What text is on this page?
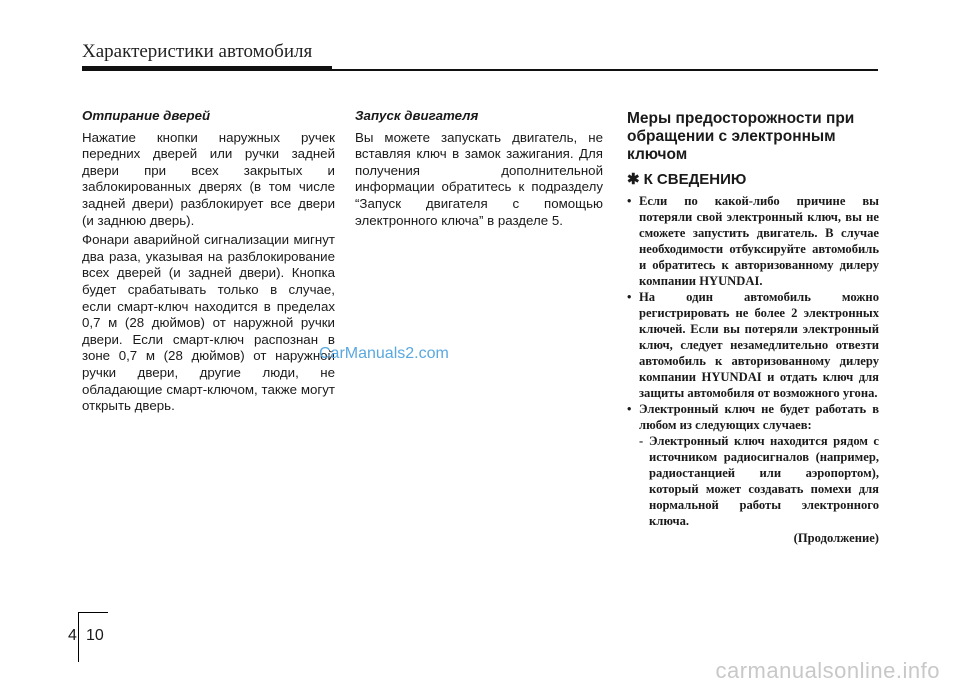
Характеристики автомобиля
Отпирание дверей

Нажатие кнопки наружных ручек передних дверей или ручки задней двери при всех закрытых и заблокированных дверях (в том числе задней двери) разблокирует все двери (и заднюю дверь).

Фонари аварийной сигнализации мигнут два раза, указывая на разблокирование всех дверей (и задней двери). Кнопка будет срабатывать только в случае, если смарт-ключ находится в пределах 0,7 м (28 дюймов) от наружной ручки двери. Если смарт-ключ распознан в зоне 0,7 м (28 дюймов) от наружной ручки двери, другие люди, не обладающие смарт-ключом, также могут открыть дверь.

Запуск двигателя

Вы можете запускать двигатель, не вставляя ключ в замок зажигания. Для получения дополнительной информации обратитесь к подразделу “Запуск двигателя с помощью электронного ключа” в разделе 5.

Меры предосторожности при обращении с электронным ключом
✱ К СВЕДЕНИЮ
• Если по какой-либо причине вы потеряли свой электронный ключ, вы не сможете запустить двигатель. В случае необходимости отбуксируйте автомобиль и обратитесь к авторизованному дилеру компании HYUNDAI.
• На один автомобиль можно регистрировать не более 2 электронных ключей. Если вы потеряли электронный ключ, следует незамедлительно отвезти автомобиль к авторизованному дилеру компании HYUNDAI и отдать ключ для защиты автомобиля от возможного угона.
• Электронный ключ не будет работать в любом из следующих случаев:
- Электронный ключ находится рядом с источником радиосигналов (например, радиостанцией или аэропортом), который может создавать помехи для нормальной работы электронного ключа.
(Продолжение)
CarManuals2.com
4 10
carmanualsonline.info
